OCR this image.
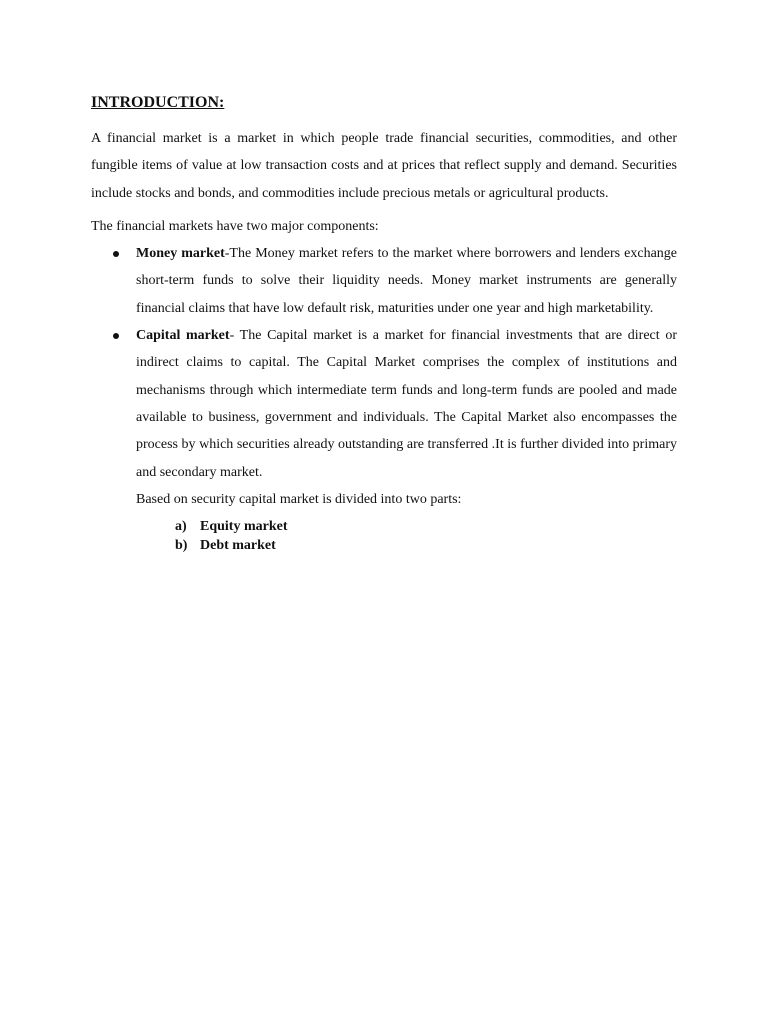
INTRODUCTION:

A financial market is a market in which people trade financial securities, commodities, and other fungible items of value at low transaction costs and at prices that reflect supply and demand. Securities include stocks and bonds, and commodities include precious metals or agricultural products.

The financial markets have two major components:

Money market-The Money market refers to the market where borrowers and lenders exchange short-term funds to solve their liquidity needs. Money market instruments are generally financial claims that have low default risk, maturities under one year and high marketability.
Capital market- The Capital market is a market for financial investments that are direct or indirect claims to capital. The Capital Market comprises the complex of institutions and mechanisms through which intermediate term funds and long-term funds are pooled and made available to business, government and individuals. The Capital Market also encompasses the process by which securities already outstanding are transferred .It is further divided into primary and secondary market.

Based on security capital market is divided into two parts:

a) Equity market
b) Debt market
